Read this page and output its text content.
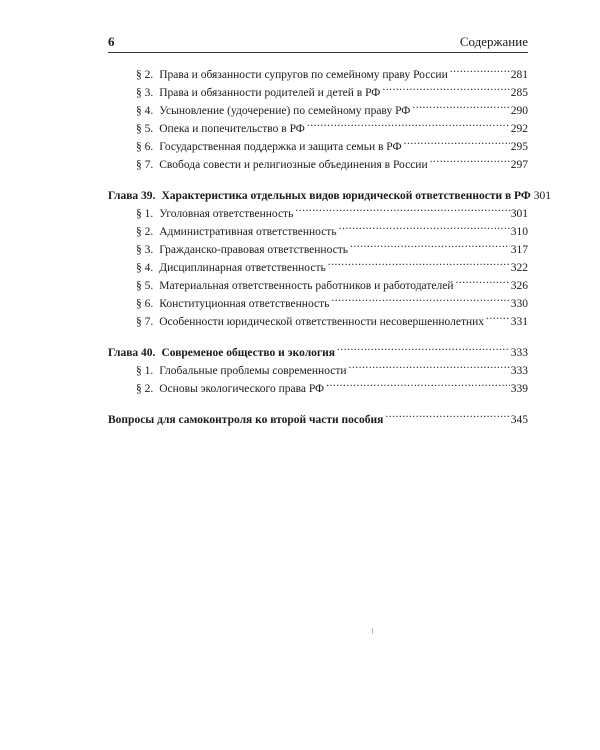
6	Содержание
§ 2. Права и обязанности супругов по семейному праву России .....	281
§ 3. Права и обязанности родителей и детей в РФ .....	285
§ 4. Усыновление (удочерение) по семейному праву РФ .....	290
§ 5. Опека и попечительство в РФ .....	292
§ 6. Государственная поддержка и защита семьи в РФ .....	295
§ 7. Свобода совести и религиозные объединения в России .....	297
Глава 39. Характеристика отдельных видов юридической ответственности в РФ 301
§ 1. Уголовная ответственность .....	301
§ 2. Административная ответственность .....	310
§ 3. Гражданско-правовая ответственность .....	317
§ 4. Дисциплинарная ответственность .....	322
§ 5. Материальная ответственность работников и работодателей .....	326
§ 6. Конституционная ответственность .....	330
§ 7. Особенности юридической ответственности несовершеннолетних ..... 331
Глава 40. Современое общество и экология .....	333
§ 1. Глобальные проблемы современности .....	333
§ 2. Основы экологического права РФ .....	339
Вопросы для самоконтроля ко второй части пособия .....	345
